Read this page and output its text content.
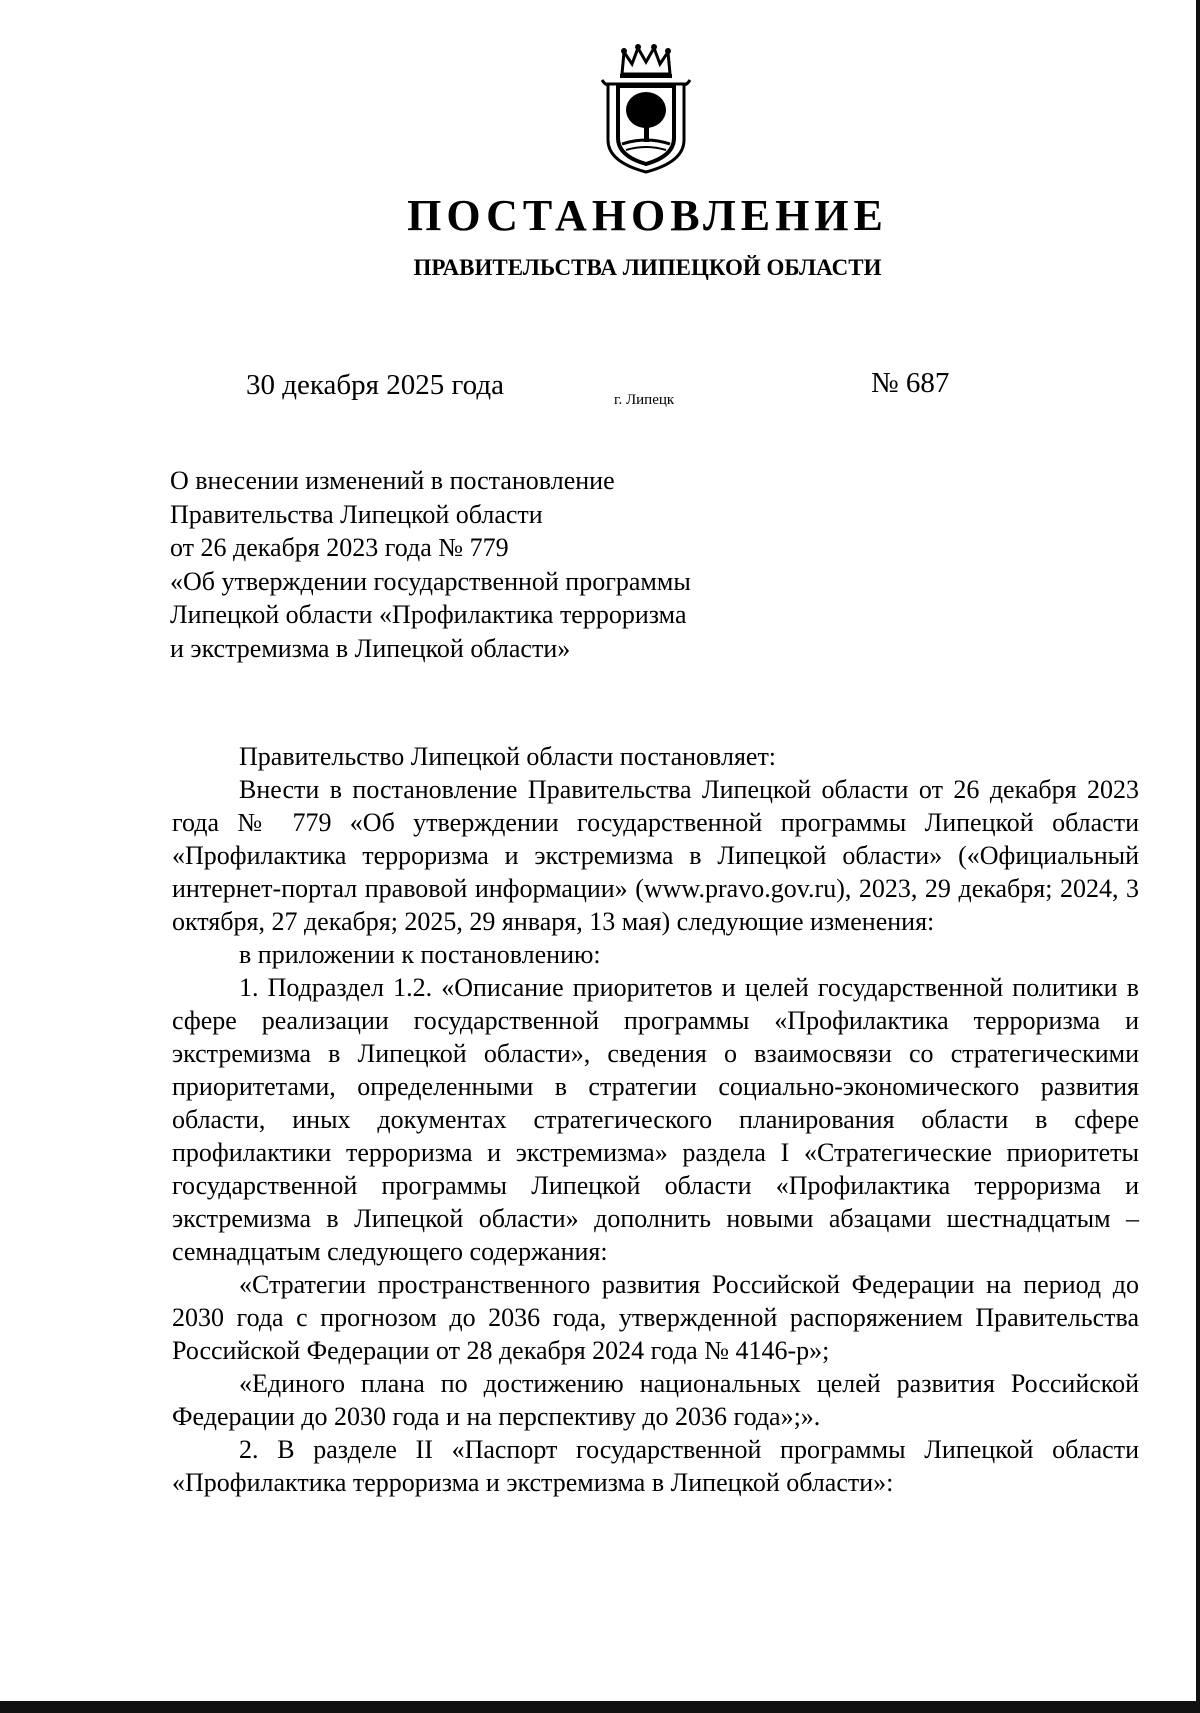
ПОСТАНОВЛЕНИЕ
ПРАВИТЕЛЬСТВА ЛИПЕЦКОЙ ОБЛАСТИ
30 декабря 2025 года	г. Липецк
№ 687
О внесении изменений в постановление
Правительства Липецкой области
от 26 декабря 2023 года № 779
«Об утверждении государственной программы
Липецкой области «Профилактика терроризма
и экстремизма в Липецкой области»
Правительство Липецкой области постановляет:
Внести в постановление Правительства Липецкой области от 26 декабря 2023 года № 779 «Об утверждении государственной программы Липецкой области «Профилактика терроризма и экстремизма в Липецкой области» («Официальный интернет-портал правовой информации» (www.pravo.gov.ru), 2023, 29 декабря; 2024, 3 октября, 27 декабря; 2025, 29 января, 13 мая) следующие изменения:
в приложении к постановлению:
1. Подраздел 1.2. «Описание приоритетов и целей государственной политики в сфере реализации государственной программы «Профилактика терроризма и экстремизма в Липецкой области», сведения о взаимосвязи со стратегическими приоритетами, определенными в стратегии социально-экономического развития области, иных документах стратегического планирования области в сфере профилактики терроризма и экстремизма» раздела I «Стратегические приоритеты государственной программы Липецкой области «Профилактика терроризма и экстремизма в Липецкой области» дополнить новыми абзацами шестнадцатым – семнадцатым следующего содержания:
«Стратегии пространственного развития Российской Федерации на период до 2030 года с прогнозом до 2036 года, утвержденной распоряжением Правительства Российской Федерации от 28 декабря 2024 года № 4146-р»;
«Единого плана по достижению национальных целей развития Российской Федерации до 2030 года и на перспективу до 2036 года»;».
2. В разделе II «Паспорт государственной программы Липецкой области «Профилактика терроризма и экстремизма в Липецкой области»:
